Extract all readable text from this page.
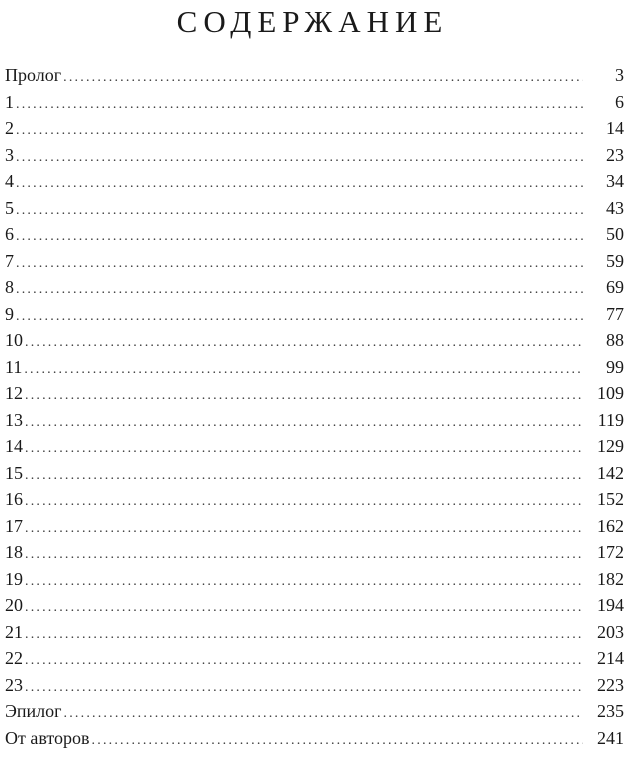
СОДЕРЖАНИЕ
Пролог .....	3
1 .....	6
2 .....	14
3 .....	23
4 .....	34
5 .....	43
6 .....	50
7 .....	59
8 .....	69
9 .....	77
10 .....	88
11 .....	99
12 .....	109
13 .....	119
14 .....	129
15 .....	142
16 .....	152
17 .....	162
18 .....	172
19 .....	182
20 .....	194
21 .....	203
22 .....	214
23 .....	223
Эпилог .....	235
От авторов .....	241
